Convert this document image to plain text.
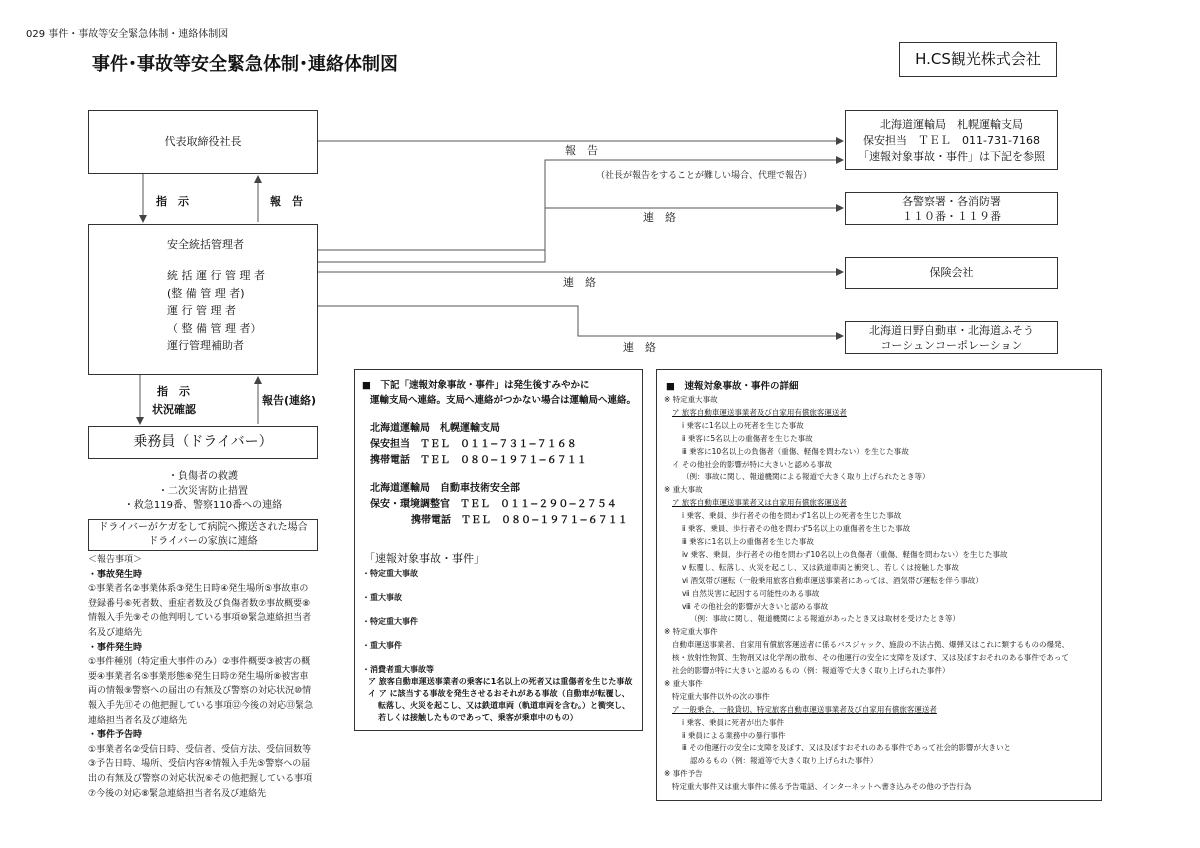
029 事件・事故等安全緊急体制・連絡体制図
事件･事故等安全緊急体制･連絡体制図	H.CS観光株式会社
代表取締役社長
指　示	報　告
安全統括管理者

統 括 運 行 管 理 者

(整 備 管 理 者)

運 行 管 理 者

（ 整 備 管 理 者）

運行管理補助者

指　示
状況確認
報告(連絡)
乗務員（ドライバー）
・負傷者の救護
・二次災害防止措置
・救急119番、警察110番への連絡
ドライバーがケガをして病院へ搬送された場合
ドライバーの家族に連絡
＜報告事項＞
・事故発生時
①事業者名②事業体系③発生日時④発生場所⑤事故車の
登録番号⑥死者数、重症者数及び負傷者数⑦事故概要⑧
情報入手先⑨その他判明している事項⑩緊急連絡担当者
名及び連絡先
・事件発生時
①事件種別（特定重大事件のみ）②事件概要③被害の概
要④事業者名⑤事業形態⑥発生日時⑦発生場所⑧被害車
両の情報⑨警察への届出の有無及び警察の対応状況⑩情
報入手先⑪その他把握している事項⑫今後の対応⑬緊急
連絡担当者名及び連絡先
・事件予告時
①事業者名②受信日時、受信者、受信方法、受信回数等
③予告日時、場所、受信内容④情報入手先⑤警察への届
出の有無及び警察の対応状況⑥その他把握している事項
⑦今後の対応⑧緊急連絡担当者名及び連絡先
報　告
（社長が報告をすることが難しい場合、代理で報告）
連　絡
連　絡
連　絡
北海道運輸局　札幌運輸支局
保安担当　ＴＥＬ　011-731-7168
「速報対象事故・事件」は下記を参照
各警察署・各消防署
１１０番・１１９番
保険会社
北海道日野自動車・北海道ふそう
コーシュンコーポレーション
■　下記「速報対象事故・事件」は発生後すみやかに
運輸支局へ連絡。支局へ連絡がつかない場合は運輸局へ連絡。
北海道運輸局　札幌運輸支局
保安担当　ＴＥＬ　０１１−７３１−７１６８
携帯電話　ＴＥＬ　０８０−１９７１−６７１１
北海道運輸局　自動車技術安全部
保安・環境調整官　ＴＥＬ　０１１−２９０−２７５４
携帯電話　ＴＥＬ　０８０−１９７１−６７１１
「速報対象事故・事件」
・特定重大事故
・重大事故
・特定重大事件
・重大事件
・消費者重大事故等
ア 旅客自動車運送事業者の乗客に1名以上の死者又は重傷者を生じた事故
イ ア に該当する事故を発生させるおそれがある事故（自動車が転覆し、
転落し、火災を起こし、又は鉄道車両（軌道車両を含む。）と衝突し、
若しくは接触したものであって、乗客が乗車中のもの）
■　速報対象事故・事件の詳細
※ 特定重大事故
ア 旅客自動車運送事業者及び自家用有償旅客運送者
ⅰ 乗客に1名以上の死者を生じた事故
ⅱ 乗客に5名以上の重傷者を生じた事故
ⅲ 乗客に10名以上の負傷者（重傷、軽傷を問わない）を生じた事故
イ その他社会的影響が特に大きいと認める事故
（例：事故に関し、報道機関による報道で大きく取り上げられたとき等）
※ 重大事故
ア 旅客自動車運送事業者又は自家用有償旅客運送者
ⅰ 乗客、乗員、歩行者その他を問わず1名以上の死者を生じた事故
ⅱ 乗客、乗員、歩行者その他を問わず5名以上の重傷者を生じた事故
ⅲ 乗客に1名以上の重傷者を生じた事故
ⅳ 乗客、乗員、歩行者その他を問わず10名以上の負傷者（重傷、軽傷を問わない）を生じた事故
ⅴ 転覆し、転落し、火災を起こし、又は鉄道車両と衝突し、若しくは接触した事故
ⅵ 酒気帯び運転（一般乗用旅客自動車運送事業者にあっては、酒気帯び運転を伴う事故）
ⅶ 自然災害に起因する可能性のある事故
ⅷ その他社会的影響が大きいと認める事故
（例：事故に関し、報道機関による報道があったとき又は取材を受けたとき等）
※ 特定重大事件
自動車運送事業者、自家用有償旅客運送者に係るバスジャック、施設の不法占拠、爆弾又はこれに類するものの爆発、
核・放射性物質、生物剤又は化学剤の散布、その他運行の安全に支障を及ぼす、又は及ぼすおそれのある事件であって
社会的影響が特に大きいと認めるもの（例：報道等で大きく取り上げられた事件）
※ 重大事件
特定重大事件以外の次の事件
ア 一般乗合、一般貸切、特定旅客自動車運送事業者及び自家用有償旅客運送者
ⅰ 乗客、乗員に死者が出た事件
ⅱ 乗員による業務中の暴行事件
ⅲ その他運行の安全に支障を及ぼす、又は及ぼすおそれのある事件であって社会的影響が大きいと
認めるもの（例：報道等で大きく取り上げられた事件）
※ 事件予告
特定重大事件又は重大事件に係る予告電話、インターネットへ書き込みその他の予告行為
